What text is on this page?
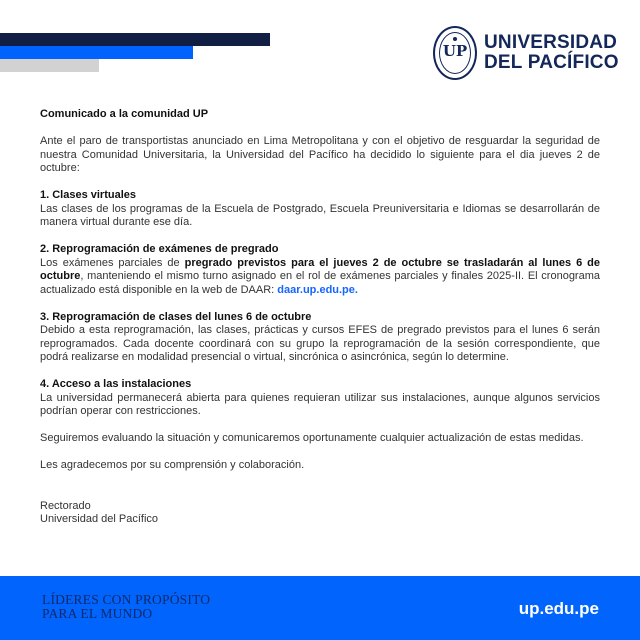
UP UNIVERSIDAD
DEL PACÍFICO

Comunicado a la comunidad UP

Ante el paro de transportistas anunciado en Lima Metropolitana y con el objetivo de resguardar la seguridad de nuestra Comunidad Universitaria, la Universidad del Pacífico ha decidido lo siguiente para el dia jueves 2 de octubre:

1. Clases virtuales

Las clases de los programas de la Escuela de Postgrado, Escuela Preuniversitaria e Idiomas se desarrollarán de manera virtual durante ese día.

2. Reprogramación de exámenes de pregrado

Los exámenes parciales de pregrado previstos para el jueves 2 de octubre se trasladarán al lunes 6 de octubre, manteniendo el mismo turno asignado en el rol de exámenes parciales y finales 2025-II. El cronograma actualizado está disponible en la web de DAAR: daar.up.edu.pe.

3. Reprogramación de clases del lunes 6 de octubre

Debido a esta reprogramación, las clases, prácticas y cursos EFES de pregrado previstos para el lunes 6 serán reprogramados. Cada docente coordinará con su grupo la reprogramación de la sesión correspondiente, que podrá realizarse en modalidad presencial o virtual, sincrónica o asincrónica, según lo determine.

4. Acceso a las instalaciones

La universidad permanecerá abierta para quienes requieran utilizar sus instalaciones, aunque algunos servicios podrían operar con restricciones.

Seguiremos evaluando la situación y comunicaremos oportunamente cualquier actualización de estas medidas.

Les agradecemos por su comprensión y colaboración.

Rectorado

Universidad del Pacífico

LÍDERES CON PROPÓSITO
PARA EL MUNDO	up.edu.pe
